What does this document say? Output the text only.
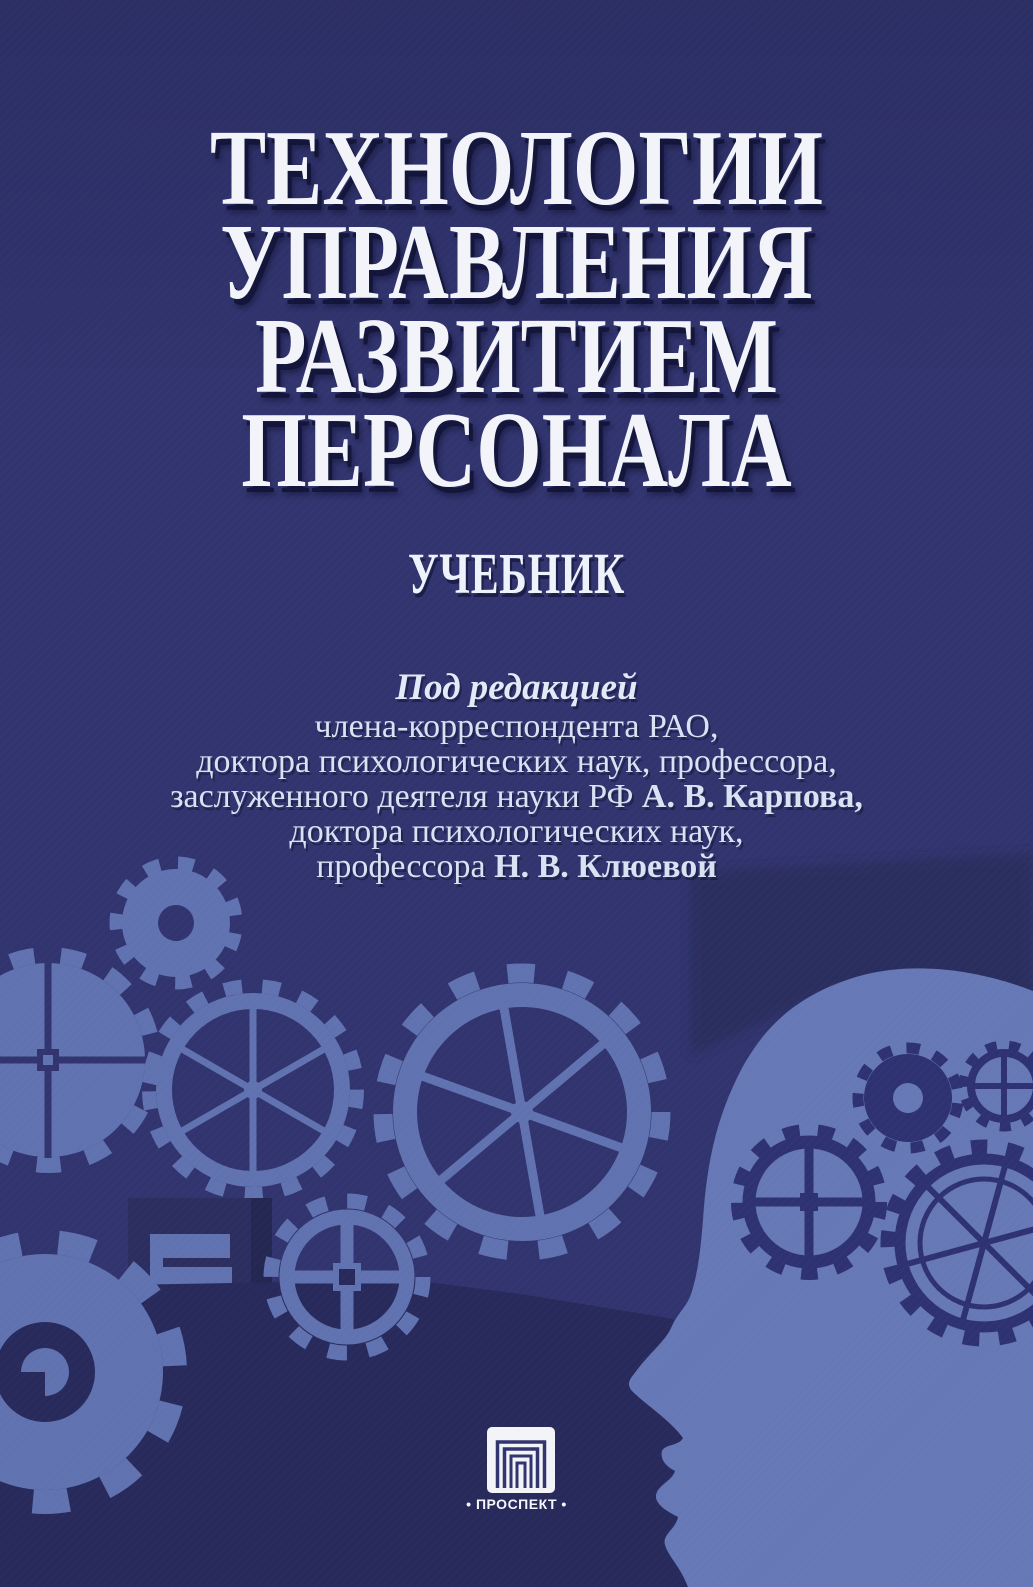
ТЕХНОЛОГИИ
УПРАВЛЕНИЯ
РАЗВИТИЕМ
ПЕРСОНАЛА
УЧЕБНИК
Под редакцией
члена-корреспондента РАО,
доктора психологических наук, профессора,
заслуженного деятеля науки РФ А. В. Карпова,
доктора психологических наук,
профессора Н. В. Клюевой
• ПРОСПЕКТ •
